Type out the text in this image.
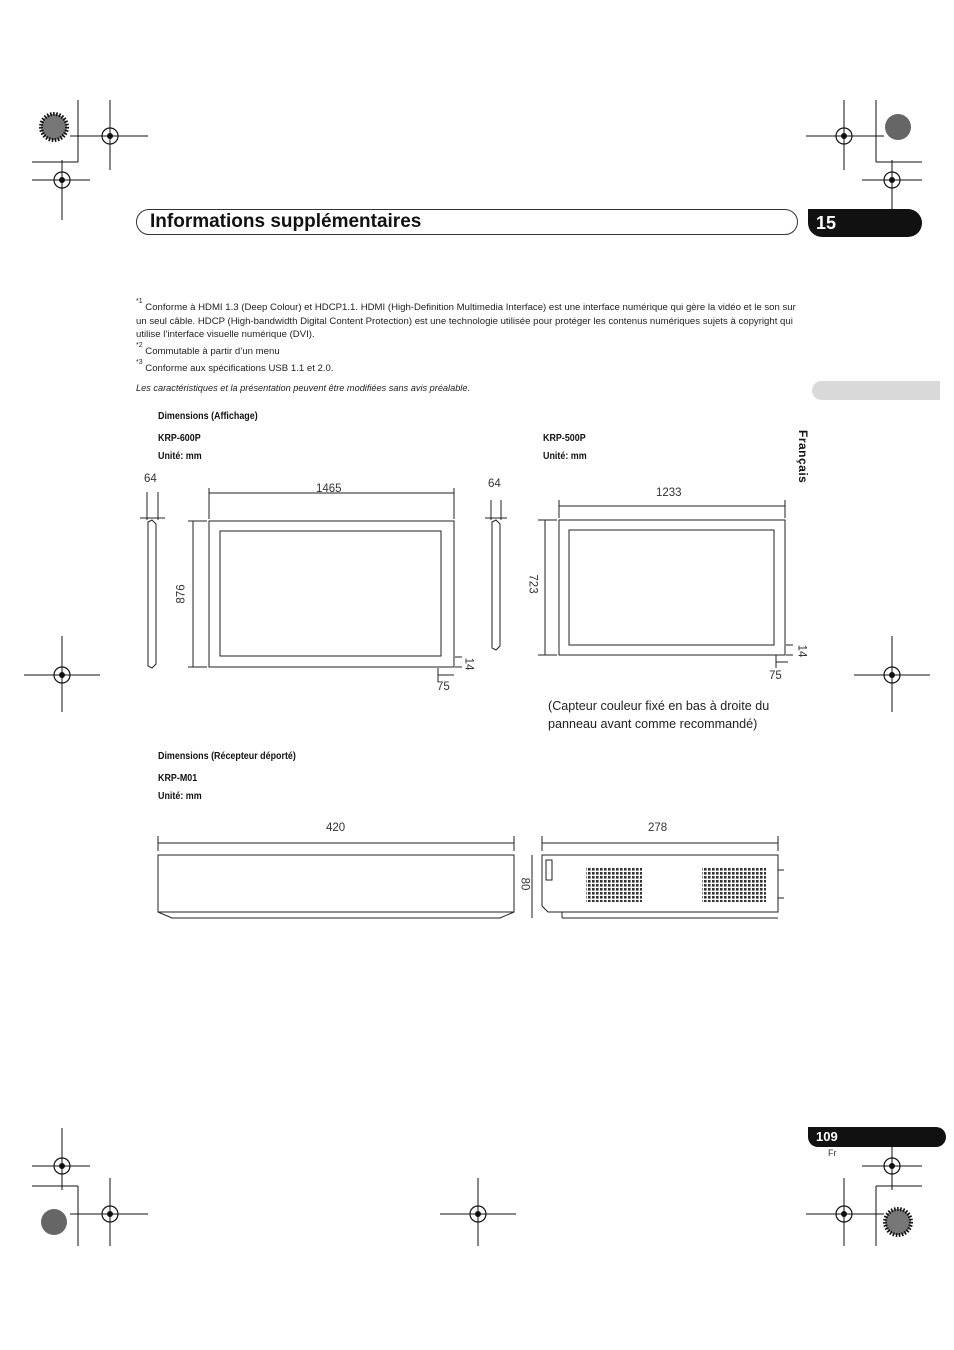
Informations supplémentaires	15
Français
$^{*1}$ Conforme à HDMI 1.3 (Deep Colour) et HDCP1.1. HDMI (High-Definition Multimedia Interface) est une interface numérique qui gère la vidéo et le son sur un seul câble. HDCP (High-bandwidth Digital Content Protection) est une technologie utilisée pour protéger les contenus numériques sujets à copyright qui utilise l’interface visuelle numérique (DVI).
$^{*2}$ Commutable à partir d’un menu
$^{*3}$ Conforme aux spécifications USB 1.1 et 2.0.
Les caractéristiques et la présentation peuvent être modifiées sans avis préalable.
Dimensions (Affichage)
KRP-600P
Unité: mm
KRP-500P
Unité: mm
64
1465	64
876
14
75
1233
723
14
75
(Capteur couleur fixé en bas à droite du panneau avant comme recommandé)
Dimensions (Récepteur déporté)
KRP-M01
Unité: mm
420	278
80
109
Fr
